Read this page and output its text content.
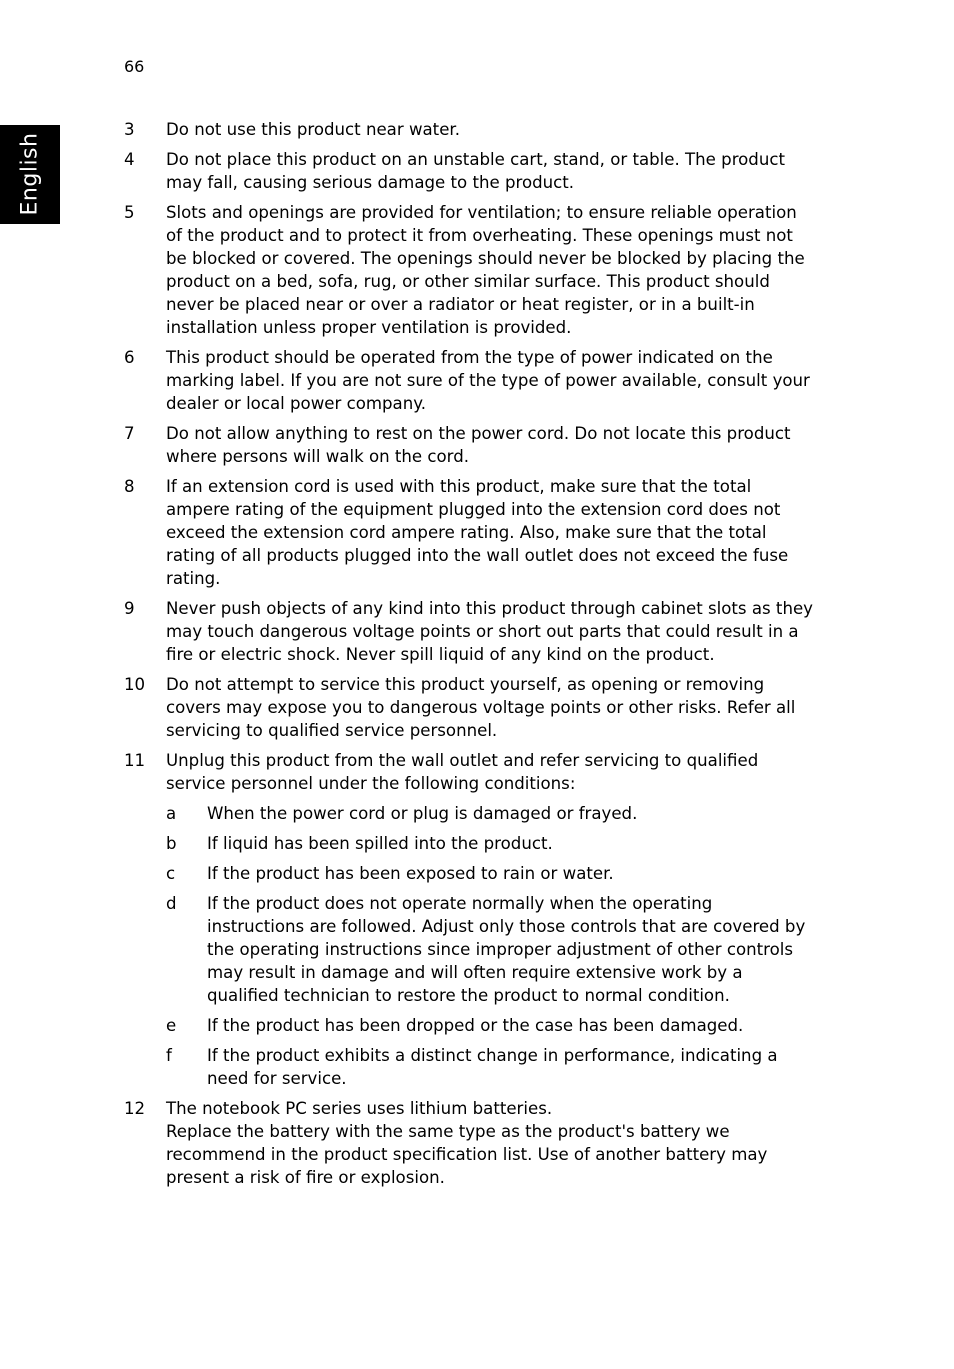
66
English
3 Do not use this product near water.
4 Do not place this product on an unstable cart, stand, or table. The product may fall, causing serious damage to the product.
5 Slots and openings are provided for ventilation; to ensure reliable operation of the product and to protect it from overheating. These openings must not be blocked or covered. The openings should never be blocked by placing the product on a bed, sofa, rug, or other similar surface. This product should never be placed near or over a radiator or heat register, or in a built-in installation unless proper ventilation is provided.
6 This product should be operated from the type of power indicated on the marking label. If you are not sure of the type of power available, consult your dealer or local power company.
7 Do not allow anything to rest on the power cord. Do not locate this product where persons will walk on the cord.
8 If an extension cord is used with this product, make sure that the total ampere rating of the equipment plugged into the extension cord does not exceed the extension cord ampere rating. Also, make sure that the total rating of all products plugged into the wall outlet does not exceed the fuse rating.
9 Never push objects of any kind into this product through cabinet slots as they may touch dangerous voltage points or short out parts that could result in a fire or electric shock. Never spill liquid of any kind on the product.
10 Do not attempt to service this product yourself, as opening or removing covers may expose you to dangerous voltage points or other risks. Refer all servicing to qualified service personnel.
11 Unplug this product from the wall outlet and refer servicing to qualified service personnel under the following conditions:
a When the power cord or plug is damaged or frayed.
b If liquid has been spilled into the product.
c If the product has been exposed to rain or water.
d If the product does not operate normally when the operating instructions are followed. Adjust only those controls that are covered by the operating instructions since improper adjustment of other controls may result in damage and will often require extensive work by a qualified technician to restore the product to normal condition.
e If the product has been dropped or the case has been damaged.
f If the product exhibits a distinct change in performance, indicating a need for service.
12 The notebook PC series uses lithium batteries.
Replace the battery with the same type as the product's battery we recommend in the product specification list. Use of another battery may present a risk of fire or explosion.
